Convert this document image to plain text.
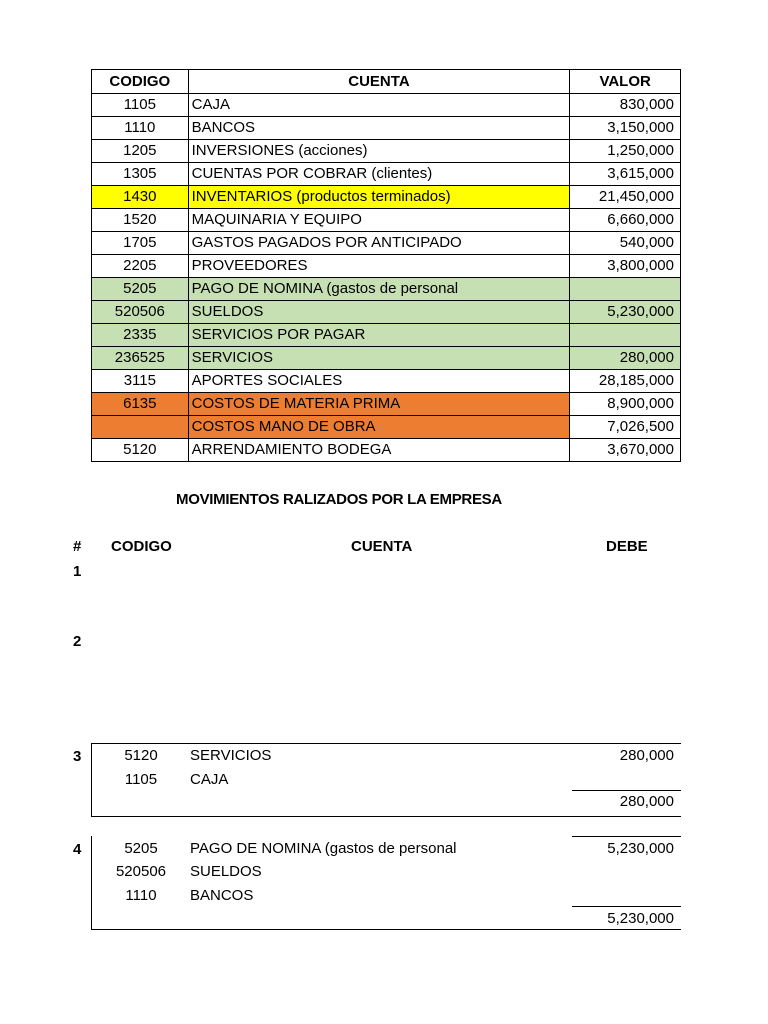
CODIGO	CUENTA	VALOR
1105	CAJA	830,000
1110	BANCOS	3,150,000
1205	INVERSIONES (acciones)	1,250,000
1305	CUENTAS POR COBRAR (clientes)	3,615,000
1430	INVENTARIOS (productos terminados)	21,450,000
1520	MAQUINARIA Y EQUIPO	6,660,000
1705	GASTOS PAGADOS POR ANTICIPADO	540,000
2205	PROVEEDORES	3,800,000
5205	PAGO DE NOMINA (gastos de personal	
520506	SUELDOS	5,230,000
2335	SERVICIOS POR PAGAR	
236525	SERVICIOS	280,000
3115	APORTES SOCIALES	28,185,000
6135	COSTOS DE MATERIA PRIMA	8,900,000
	COSTOS MANO DE OBRA	7,026,500
5120	ARRENDAMIENTO BODEGA	3,670,000
MOVIMIENTOS RALIZADOS POR LA EMPRESA
# CODIGO	CUENTA	DEBE
1
2
3	5120	SERVICIOS	280,000
1105	CAJA
280,000
4	5205	PAGO DE NOMINA (gastos de personal	5,230,000
520506	SUELDOS
1110	BANCOS
5,230,000
